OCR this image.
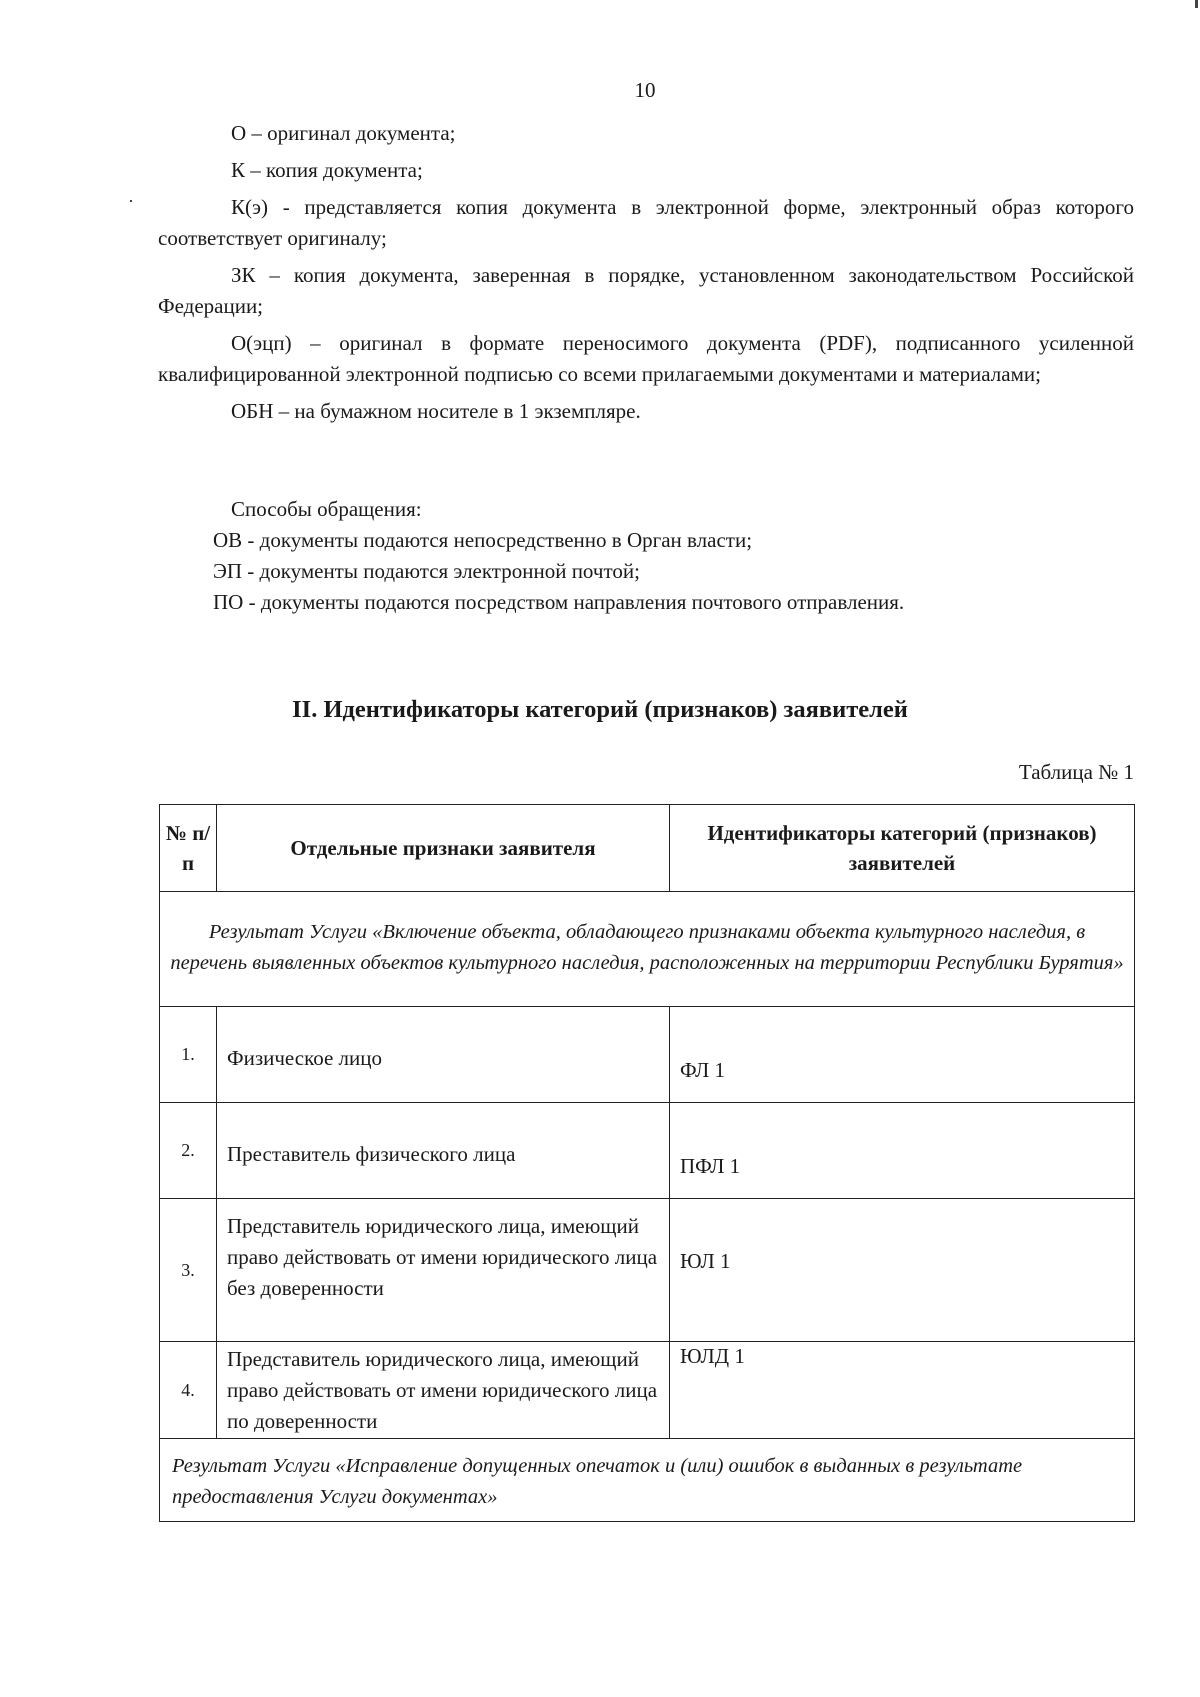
10

О – оригинал документа;

К – копия документа;

К(э) - представляется копия документа в электронной форме, электронный образ которого соответствует оригиналу;

ЗК – копия документа, заверенная в порядке, установленном законодательством Российской Федерации;

О(эцп) – оригинал в формате переносимого документа (PDF), подписанного усиленной квалифицированной электронной подписью со всеми прилагаемыми документами и материалами;

ОБН – на бумажном носителе в 1 экземпляре.

Способы обращения:

ОВ - документы подаются непосредственно в Орган власти;

ЭП - документы подаются электронной почтой;

ПО - документы подаются посредством направления почтового отправления.

II. Идентификаторы категорий (признаков) заявителей
Таблица № 1
№ п/п	Отдельные признаки заявителя	Идентификаторы категорий (признаков) заявителей
Результат Услуги «Включение объекта, обладающего признаками объекта культурного наследия, в перечень выявленных объектов культурного наследия, расположенных на территории Республики Бурятия»		
1.	Физическое лицо	ФЛ 1
2.	Преставитель физического лица	ПФЛ 1
3.	Представитель юридического лица, имеющий право действовать от имени юридического лица без доверенности	ЮЛ 1
4.	Представитель юридического лица, имеющий право действовать от имени юридического лица по доверенности	ЮЛД 1
Результат Услуги «Исправление допущенных опечаток и (или) ошибок в выданных в результате предоставления Услуги документах»		
